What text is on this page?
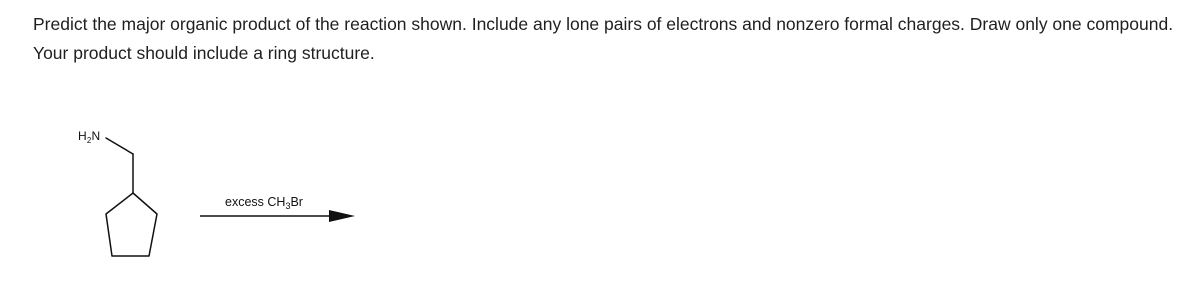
Predict the major organic product of the reaction shown. Include any lone pairs of electrons and nonzero formal charges. Draw only one compound.

Your product should include a ring structure.

$H_2N$
excess $CH_3Br$
